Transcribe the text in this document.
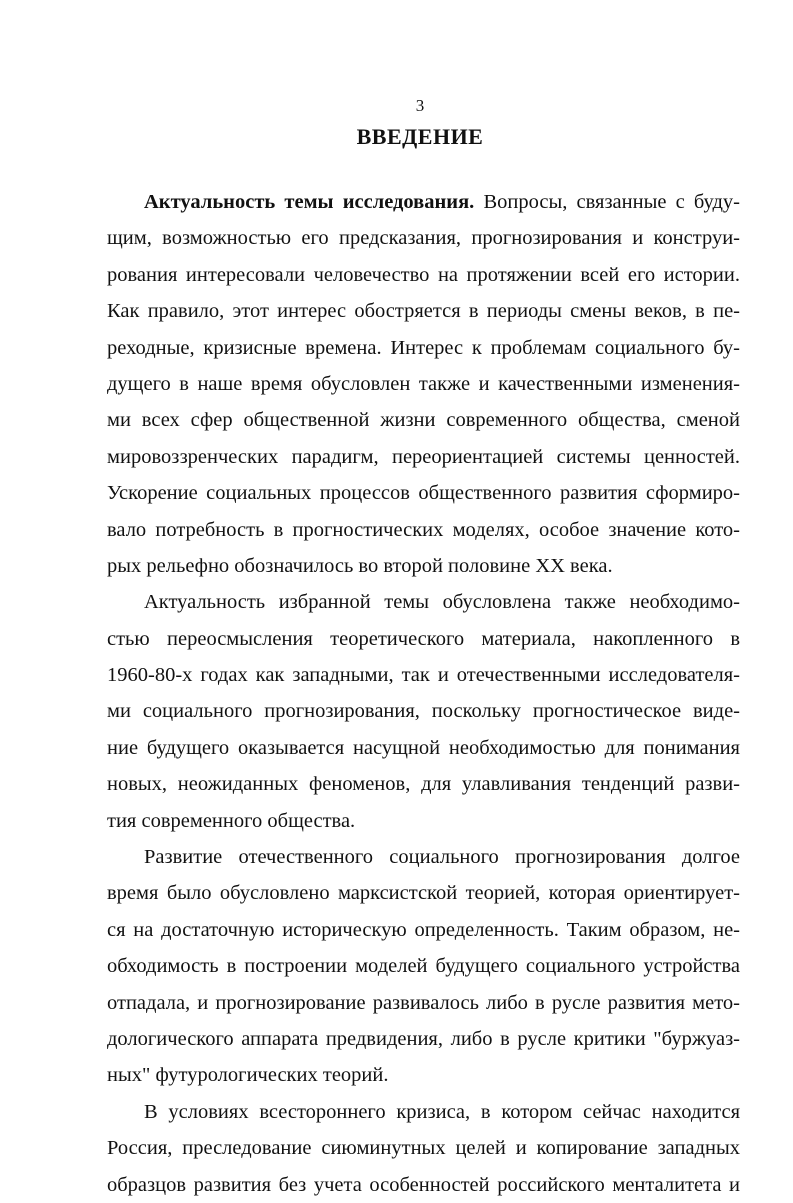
3
ВВЕДЕНИЕ
Актуальность темы исследования. Вопросы, связанные с буду-
щим, возможностью его предсказания, прогнозирования и конструи-
рования интересовали человечество на протяжении всей его истории.
Как правило, этот интерес обостряется в периоды смены веков, в пе-
реходные, кризисные времена. Интерес к проблемам социального бу-
дущего в наше время обусловлен также и качественными изменения-
ми всех сфер общественной жизни современного общества, сменой
мировоззренческих парадигм, переориентацией системы ценностей.
Ускорение социальных процессов общественного развития сформиро-
вало потребность в прогностических моделях, особое значение кото-
рых рельефно обозначилось во второй половине XX века.
Актуальность избранной темы обусловлена также необходимо-
стью переосмысления теоретического материала, накопленного в
1960-80-х годах как западными, так и отечественными исследователя-
ми социального прогнозирования, поскольку прогностическое виде-
ние будущего оказывается насущной необходимостью для понимания
новых, неожиданных феноменов, для улавливания тенденций разви-
тия современного общества.
Развитие отечественного социального прогнозирования долгое
время было обусловлено марксистской теорией, которая ориентирует-
ся на достаточную историческую определенность. Таким образом, не-
обходимость в построении моделей будущего социального устройства
отпадала, и прогнозирование развивалось либо в русле развития мето-
дологического аппарата предвидения, либо в русле критики "буржуаз-
ных" футурологических теорий.
В условиях всестороннего кризиса, в котором сейчас находится
Россия, преследование сиюминутных целей и копирование западных
образцов развития без учета особенностей российского менталитета и
